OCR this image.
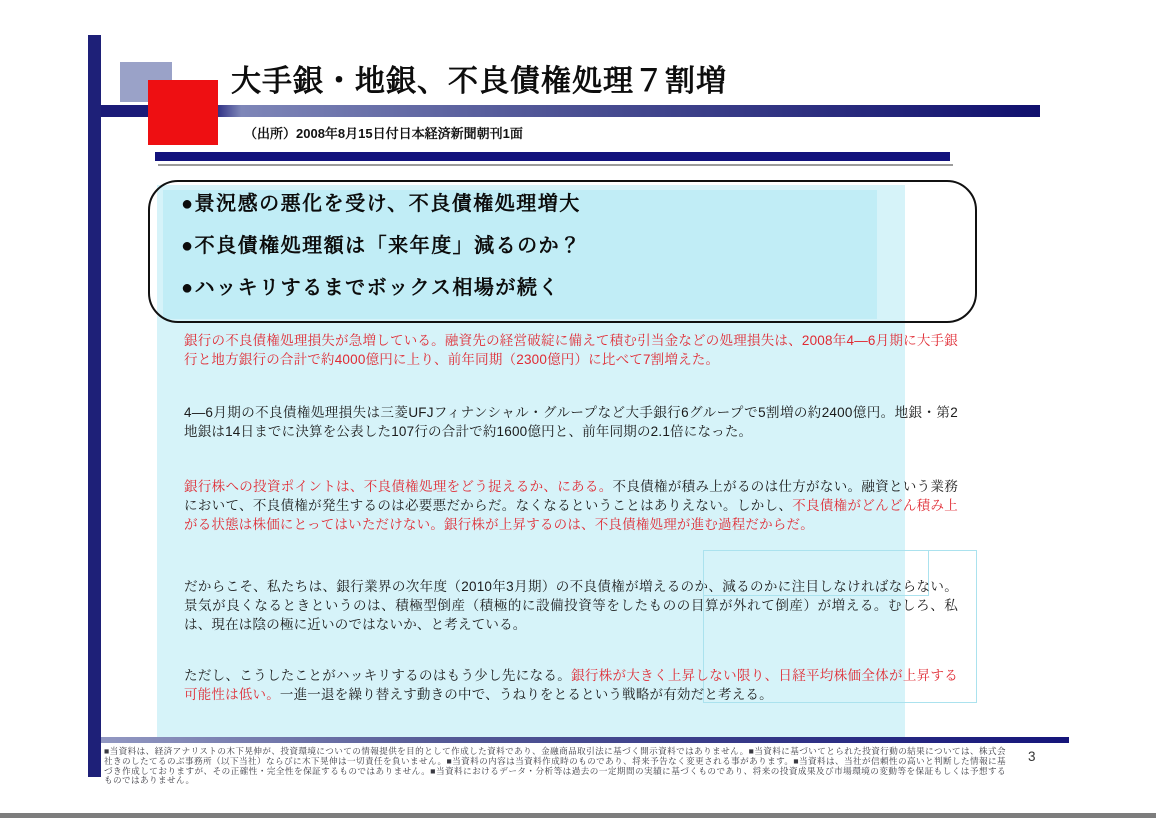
大手銀・地銀、不良債権処理７割増
（出所）2008年8月15日付日本経済新聞朝刊1面
●景況感の悪化を受け、不良債権処理増大
●不良債権処理額は「来年度」減るのか？
●ハッキリするまでボックス相場が続く
銀行の不良債権処理損失が急増している。融資先の経営破綻に備えて積む引当金などの処理損失は、2008年4—6月期に大手銀行と地方銀行の合計で約4000億円に上り、前年同期（2300億円）に比べて7割増えた。
4—6月期の不良債権処理損失は三菱UFJフィナンシャル・グループなど大手銀行6グループで5割増の約2400億円。地銀・第2地銀は14日までに決算を公表した107行の合計で約1600億円と、前年同期の2.1倍になった。
銀行株への投資ポイントは、不良債権処理をどう捉えるか、にある。不良債権が積み上がるのは仕方がない。融資という業務において、不良債権が発生するのは必要悪だからだ。なくなるということはありえない。しかし、不良債権がどんどん積み上がる状態は株価にとってはいただけない。銀行株が上昇するのは、不良債権処理が進む過程だからだ。
だからこそ、私たちは、銀行業界の次年度（2010年3月期）の不良債権が増えるのか、減るのかに注目しなければならない。景気が良くなるときというのは、積極型倒産（積極的に設備投資等をしたものの目算が外れて倒産）が増える。むしろ、私は、現在は陰の極に近いのではないか、と考えている。
ただし、こうしたことがハッキリするのはもう少し先になる。銀行株が大きく上昇しない限り、日経平均株価全体が上昇する可能性は低い。一進一退を繰り替えす動きの中で、うねりをとるという戦略が有効だと考える。
■当資料は、経済アナリストの木下晃伸が、投資環境についての情報提供を目的として作成した資料であり、金融商品取引法に基づく開示資料ではありません。■当資料に基づいてとられた投資行動の結果については、株式会社きのしたてるのぶ事務所（以下当社）ならびに木下晃伸は一切責任を負いません。■当資料の内容は当資料作成時のものであり、将来予告なく変更される事があります。■当資料は、当社が信頼性の高いと判断した情報に基づき作成しておりますが、その正確性・完全性を保証するものではありません。■当資料におけるデータ・分析等は過去の一定期間の実績に基づくものであり、将来の投資成果及び市場環境の変動等を保証もしくは予想するものではありません。
3
